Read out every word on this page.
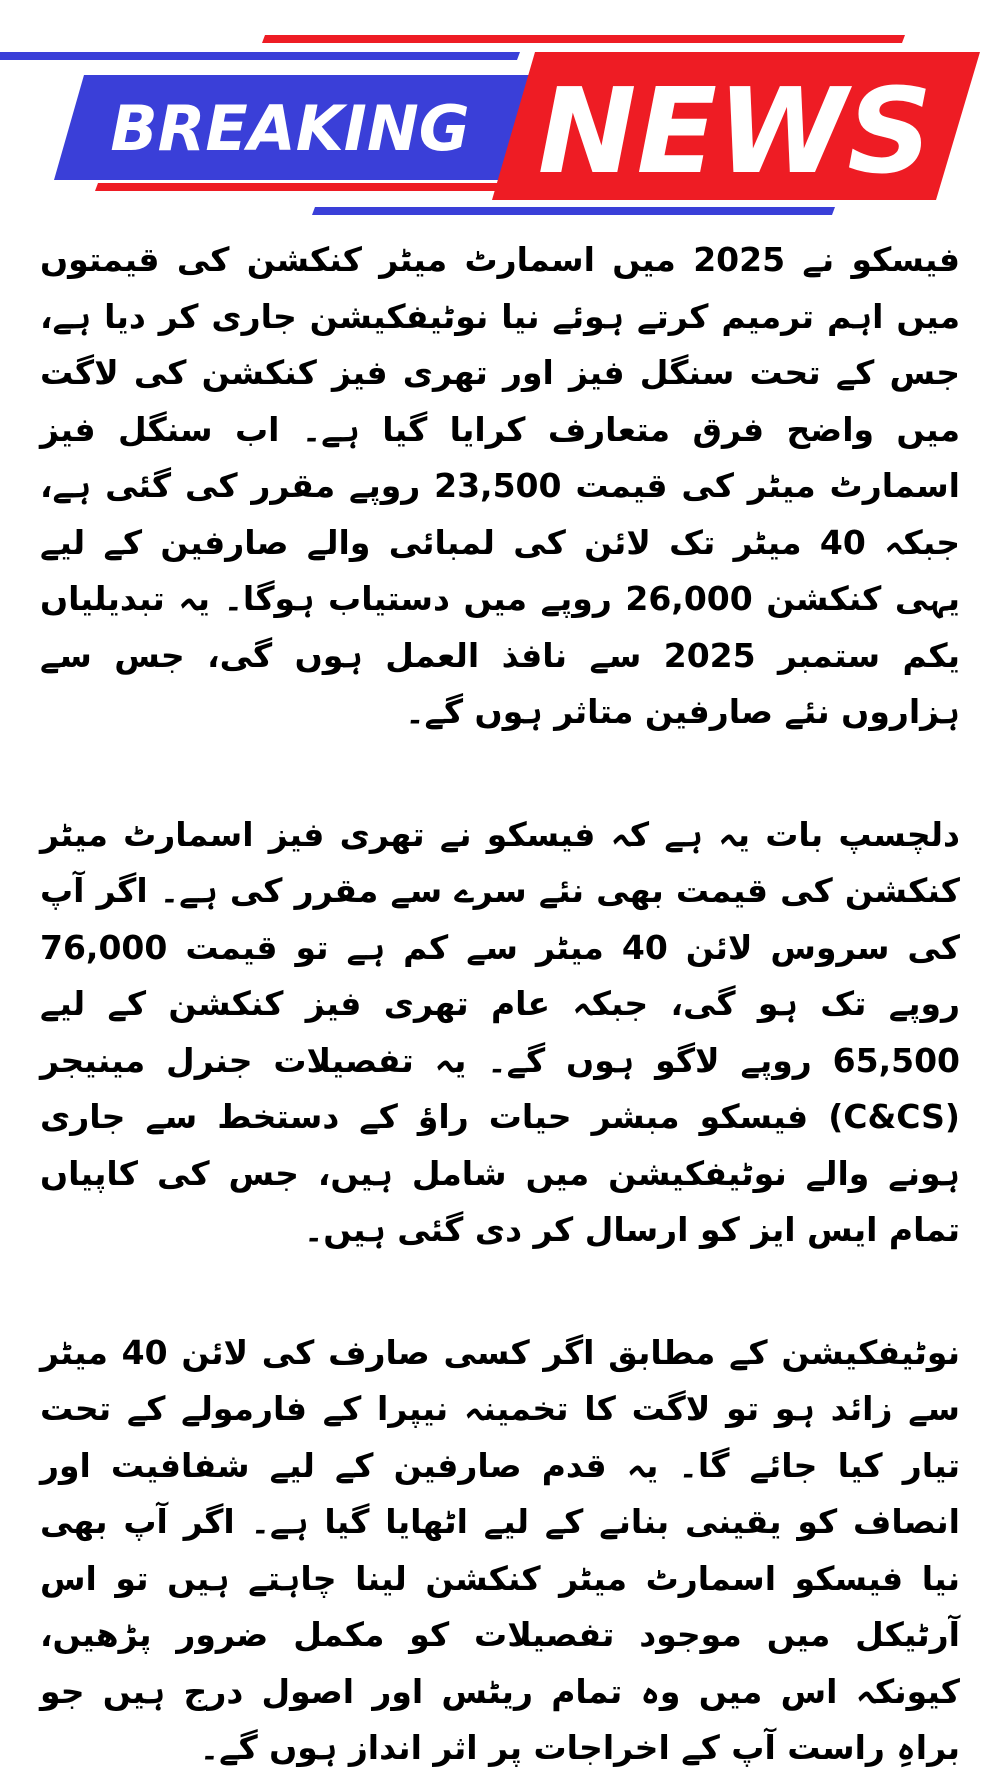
BREAKING NEWS

فیسکو نے 2025 میں اسمارٹ میٹر کنکشن کی قیمتوں میں اہم ترمیم کرتے ہوئے نیا نوٹیفکیشن جاری کر دیا ہے، جس کے تحت سنگل فیز اور تھری فیز کنکشن کی لاگت میں واضح فرق متعارف کرایا گیا ہے۔ اب سنگل فیز اسمارٹ میٹر کی قیمت 23,500 روپے مقرر کی گئی ہے، جبکہ 40 میٹر تک لائن کی لمبائی والے صارفین کے لیے یہی کنکشن 26,000 روپے میں دستیاب ہوگا۔ یہ تبدیلیاں یکم ستمبر 2025 سے نافذ العمل ہوں گی، جس سے ہزاروں نئے صارفین متاثر ہوں گے۔

دلچسپ بات یہ ہے کہ فیسکو نے تھری فیز اسمارٹ میٹر کنکشن کی قیمت بھی نئے سرے سے مقرر کی ہے۔ اگر آپ کی سروس لائن 40 میٹر سے کم ہے تو قیمت 76,000 روپے تک ہو گی، جبکہ عام تھری فیز کنکشن کے لیے 65,500 روپے لاگو ہوں گے۔ یہ تفصیلات جنرل مینیجر (C&CS) فیسکو مبشر حیات راؤ کے دستخط سے جاری ہونے والے نوٹیفکیشن میں شامل ہیں، جس کی کاپیاں تمام ایس ایز کو ارسال کر دی گئی ہیں۔

نوٹیفکیشن کے مطابق اگر کسی صارف کی لائن 40 میٹر سے زائد ہو تو لاگت کا تخمینہ نیپرا کے فارمولے کے تحت تیار کیا جائے گا۔ یہ قدم صارفین کے لیے شفافیت اور انصاف کو یقینی بنانے کے لیے اٹھایا گیا ہے۔ اگر آپ بھی نیا فیسکو اسمارٹ میٹر کنکشن لینا چاہتے ہیں تو اس آرٹیکل میں موجود تفصیلات کو مکمل ضرور پڑھیں، کیونکہ اس میں وہ تمام ریٹس اور اصول درج ہیں جو براہِ راست آپ کے اخراجات پر اثر انداز ہوں گے۔
